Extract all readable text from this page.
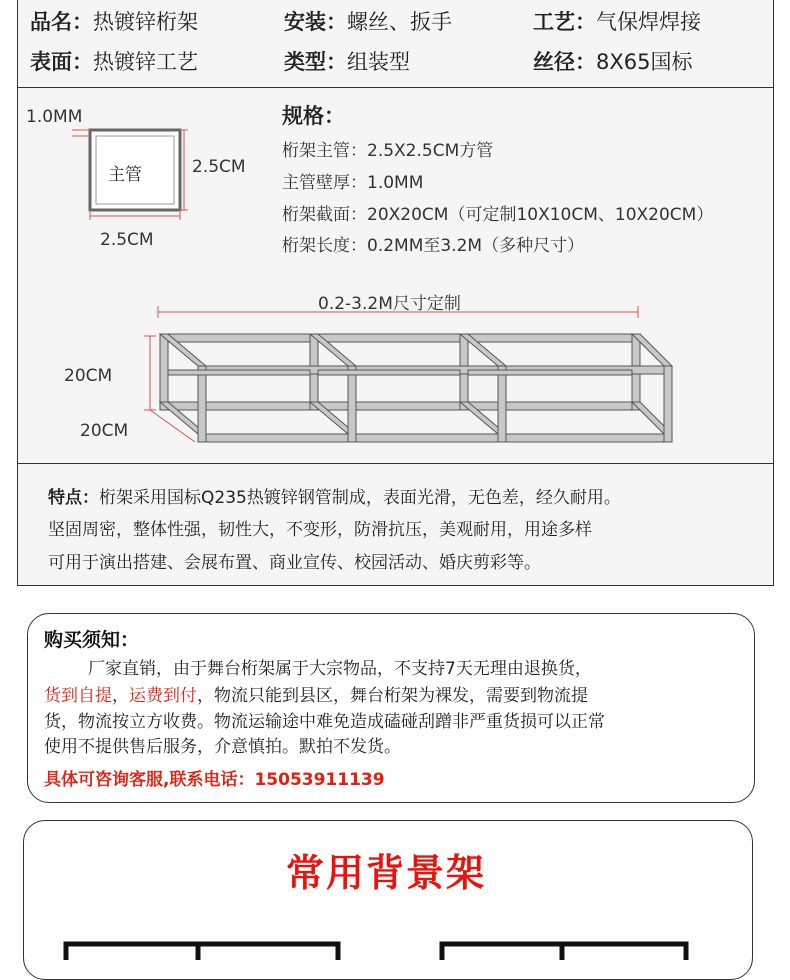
品名：热镀锌桁架	安装：螺丝、扳手	工艺：气保焊焊接
表面：热镀锌工艺	类型：组装型	丝径：8X65国标
1.0MM
主管	2.5CM
2.5CM
规格：
桁架主管：2.5X2.5CM方管
主管壁厚：1.0MM
桁架截面：20X20CM（可定制10X10CM、10X20CM）
桁架长度：0.2MM至3.2M（多种尺寸）
0.2-3.2M尺寸定制
20CM
20CM
特点：桁架采用国标Q235热镀锌钢管制成，表面光滑，无色差，经久耐用。
坚固周密，整体性强，韧性大，不变形，防滑抗压，美观耐用，用途多样
可用于演出搭建、会展布置、商业宣传、校园活动、婚庆剪彩等。
购买须知：
厂家直销，由于舞台桁架属于大宗物品，不支持7天无理由退换货，
货到自提，运费到付，物流只能到县区，舞台桁架为裸发，需要到物流提
货，物流按立方收费。物流运输途中难免造成磕碰刮蹭非严重货损可以正常
使用不提供售后服务，介意慎拍。默拍不发货。
具体可咨询客服,联系电话：15053911139
常用背景架
